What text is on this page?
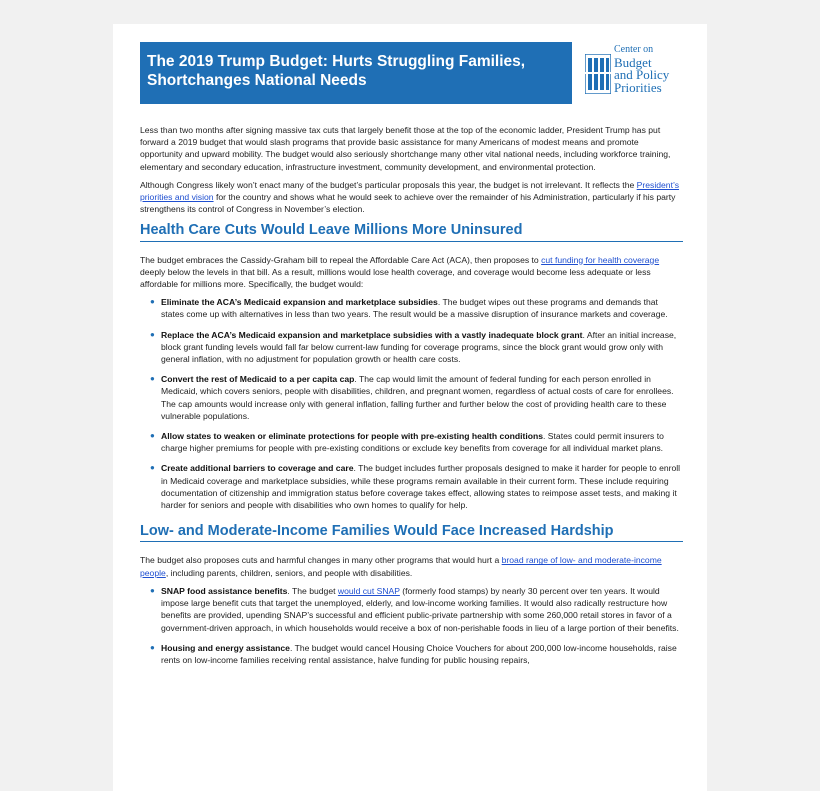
The 2019 Trump Budget: Hurts Struggling Families,
Shortchanges National Needs
Center on
Budget
and Policy
Priorities

Less than two months after signing massive tax cuts that largely benefit those at the top of the economic ladder, President Trump has put forward a 2019 budget that would slash programs that provide basic assistance for many Americans of modest means and promote opportunity and upward mobility. The budget would also seriously shortchange many other vital national needs, including workforce training, elementary and secondary education, infrastructure investment, community development, and environmental protection.

Although Congress likely won’t enact many of the budget’s particular proposals this year, the budget is not irrelevant. It reflects the President’s priorities and vision for the country and shows what he would seek to achieve over the remainder of his Administration, particularly if his party strengthens its control of Congress in November’s election.

Health Care Cuts Would Leave Millions More Uninsured

The budget embraces the Cassidy-Graham bill to repeal the Affordable Care Act (ACA), then proposes to cut funding for health coverage deeply below the levels in that bill. As a result, millions would lose health coverage, and coverage would become less adequate or less affordable for millions more. Specifically, the budget would:

● Eliminate the ACA’s Medicaid expansion and marketplace subsidies. The budget wipes out these programs and demands that states come up with alternatives in less than two years. The result would be a massive disruption of insurance markets and coverage.
● Replace the ACA’s Medicaid expansion and marketplace subsidies with a vastly inadequate block grant. After an initial increase, block grant funding levels would fall far below current-law funding for coverage programs, since the block grant would grow only with general inflation, with no adjustment for population growth or health care costs.
● Convert the rest of Medicaid to a per capita cap. The cap would limit the amount of federal funding for each person enrolled in Medicaid, which covers seniors, people with disabilities, children, and pregnant women, regardless of actual costs of care for enrollees. The cap amounts would increase only with general inflation, falling further and further below the cost of providing health care to these vulnerable populations.
● Allow states to weaken or eliminate protections for people with pre-existing health conditions. States could permit insurers to charge higher premiums for people with pre-existing conditions or exclude key benefits from coverage for all individual market plans.
● Create additional barriers to coverage and care. The budget includes further proposals designed to make it harder for people to enroll in Medicaid coverage and marketplace subsidies, while these programs remain available in their current form. These include requiring documentation of citizenship and immigration status before coverage takes effect, allowing states to reimpose asset tests, and making it harder for seniors and people with disabilities who own homes to qualify for help.
Low- and Moderate-Income Families Would Face Increased Hardship

The budget also proposes cuts and harmful changes in many other programs that would hurt a broad range of low- and moderate-income people, including parents, children, seniors, and people with disabilities.

● SNAP food assistance benefits. The budget would cut SNAP (formerly food stamps) by nearly 30 percent over ten years. It would impose large benefit cuts that target the unemployed, elderly, and low-income working families. It would also radically restructure how benefits are provided, upending SNAP’s successful and efficient public-private partnership with some 260,000 retail stores in favor of a government-driven approach, in which households would receive a box of non-perishable foods in lieu of a large portion of their benefits.
● Housing and energy assistance. The budget would cancel Housing Choice Vouchers for about 200,000 low-income households, raise rents on low-income families receiving rental assistance, halve funding for public housing repairs,
